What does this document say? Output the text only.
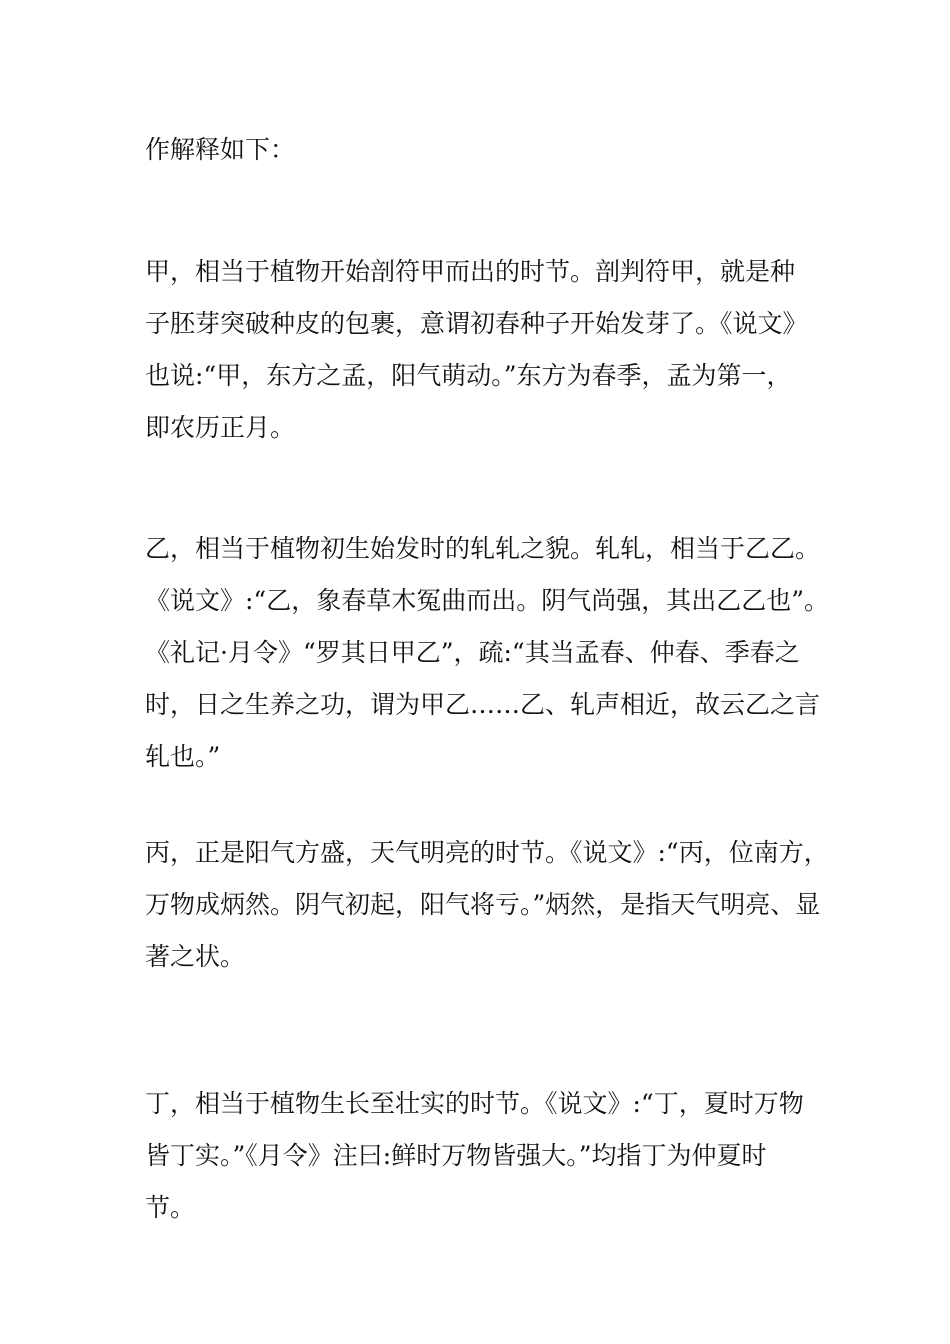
作解释如下：

甲，相当于植物开始剖符甲而出的时节。剖判符甲，就是种
子胚芽突破种皮的包裹，意谓初春种子开始发芽了。《说文》
也说:“甲，东方之孟，阳气萌动。”东方为春季，孟为第一，
即农历正月。

乙，相当于植物初生始发时的轧轧之貌。轧轧，相当于乙乙。
《说文》:“乙，象春草木冤曲而出。阴气尚强，其出乙乙也”。
《礼记·月令》“罗其日甲乙”，疏:“其当孟春、仲春、季春之
时，日之生养之功，谓为甲乙……乙、轧声相近，故云乙之言
轧也。”

丙，正是阳气方盛，天气明亮的时节。《说文》:“丙，位南方，
万物成炳然。阴气初起，阳气将亏。”炳然，是指天气明亮、显
著之状。

丁，相当于植物生长至壮实的时节。《说文》:“丁，夏时万物
皆丁实。”《月令》注曰:鲜时万物皆强大。”均指丁为仲夏时
节。
